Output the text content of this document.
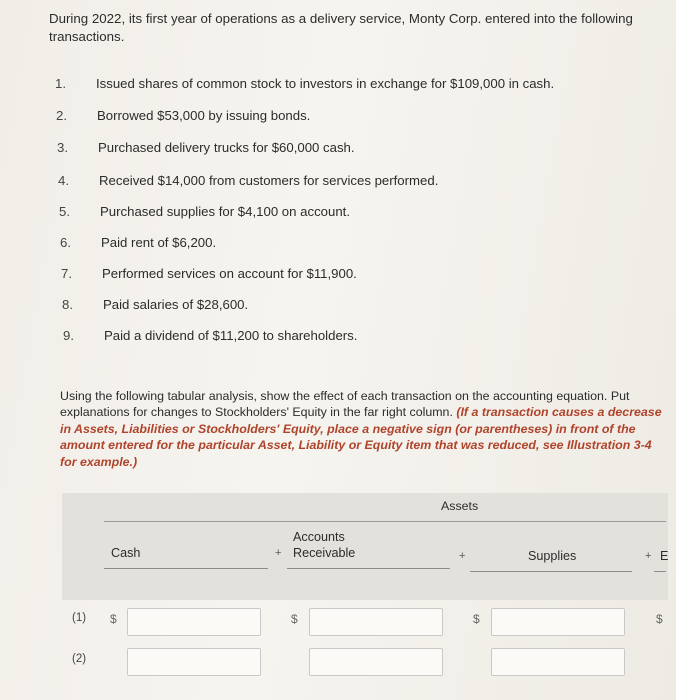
During 2022, its first year of operations as a delivery service, Monty Corp. entered into the following transactions.
1. Issued shares of common stock to investors in exchange for $109,000 in cash.
2. Borrowed $53,000 by issuing bonds.
3. Purchased delivery trucks for $60,000 cash.
4. Received $14,000 from customers for services performed.
5. Purchased supplies for $4,100 on account.
6. Paid rent of $6,200.
7. Performed services on account for $11,900.
8. Paid salaries of $28,600.
9. Paid a dividend of $11,200 to shareholders.
Using the following tabular analysis, show the effect of each transaction on the accounting equation. Put explanations for changes to Stockholders' Equity in the far right column. (If a transaction causes a decrease in Assets, Liabilities or Stockholders' Equity, place a negative sign (or parentheses) in front of the amount entered for the particular Asset, Liability or Equity item that was reduced, see Illustration 3-4 for example.)
Assets
Cash	+
Accounts
Receivable	+	Supplies	+ E
(1) $	$	$	$
(2)
